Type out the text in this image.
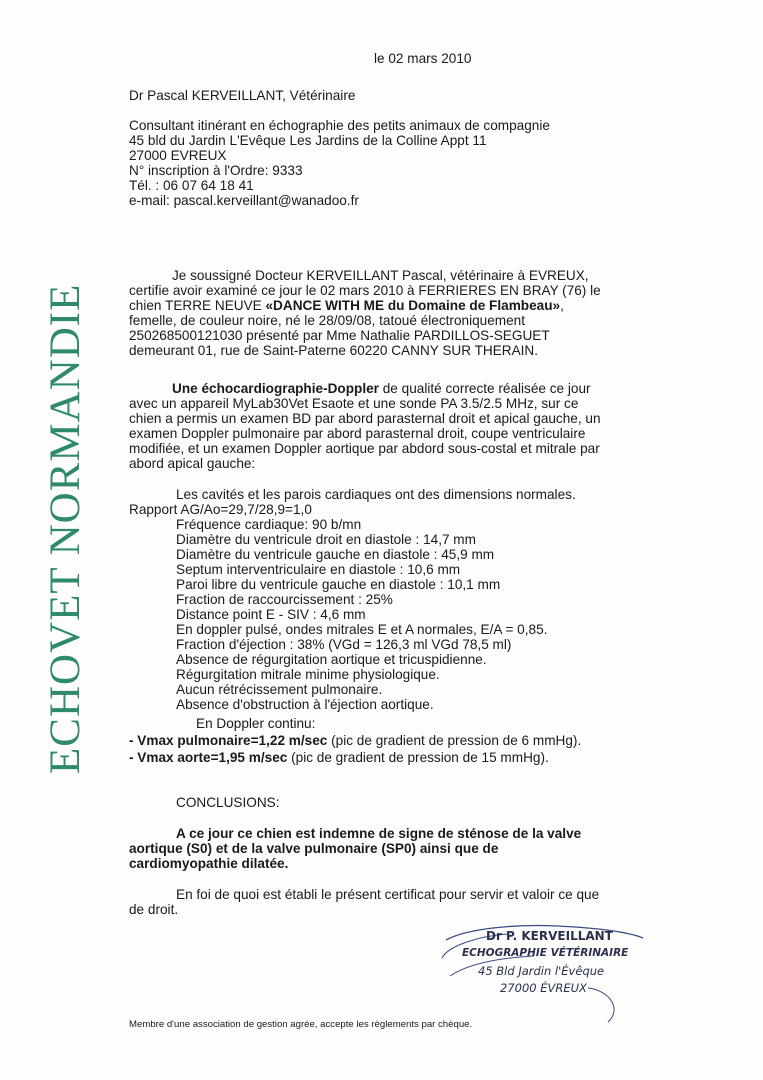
ECHOVET NORMANDIE
le 02 mars 2010
Dr Pascal KERVEILLANT, Vétérinaire
Consultant itinérant en échographie des petits animaux de compagnie
45 bld du Jardin L'Evêque Les Jardins de la Colline Appt 11
27000 EVREUX
N° inscription à l'Ordre: 9333
Tél. : 06 07 64 18 41
e-mail: pascal.kerveillant@wanadoo.fr
Je soussigné Docteur KERVEILLANT Pascal, vétérinaire à EVREUX,
certifie avoir examiné ce jour le 02 mars 2010 à FERRIERES EN BRAY (76) le
chien TERRE NEUVE «DANCE WITH ME du Domaine de Flambeau»,
femelle, de couleur noire, né le 28/09/08, tatoué électroniquement
250268500121030 présenté par Mme Nathalie PARDILLOS-SEGUET
demeurant 01, rue de Saint-Paterne 60220 CANNY SUR THERAIN.
Une échocardiographie-Doppler de qualité correcte réalisée ce jour
avec un appareil MyLab30Vet Esaote et une sonde PA 3.5/2.5 MHz, sur ce
chien a permis un examen BD par abord parasternal droit et apical gauche, un
examen Doppler pulmonaire par abord parasternal droit, coupe ventriculaire
modifiée, et un examen Doppler aortique par abdord sous-costal et mitrale par
abord apical gauche:
Les cavités et les parois cardiaques ont des dimensions normales.
Rapport AG/Ao=29,7/28,9=1,0
Fréquence cardiaque: 90 b/mn
Diamètre du ventricule droit en diastole : 14,7 mm
Diamètre du ventricule gauche en diastole : 45,9 mm
Septum interventriculaire en diastole : 10,6 mm
Paroi libre du ventricule gauche en diastole : 10,1 mm
Fraction de raccourcissement : 25%
Distance point E - SIV : 4,6 mm
En doppler pulsé, ondes mitrales E et A normales, E/A = 0,85.
Fraction d'éjection : 38% (VGd = 126,3 ml VGd 78,5 ml)
Absence de régurgitation aortique et tricuspidienne.
Régurgitation mitrale minime physiologique.
Aucun rétrécissement pulmonaire.
Absence d'obstruction à l'éjection aortique.
En Doppler continu:
- Vmax pulmonaire=1,22 m/sec (pic de gradient de pression de 6 mmHg).
- Vmax aorte=1,95 m/sec (pic de gradient de pression de 15 mmHg).
CONCLUSIONS:
A ce jour ce chien est indemne de signe de sténose de la valve
aortique (S0) et de la valve pulmonaire (SP0) ainsi que de
cardiomyopathie dilatée.
En foi de quoi est établi le présent certificat pour servir et valoir ce que
de droit.
Dr P. KERVEILLANT
ECHOGRAPHIE VÉTÉRINAIRE
45 Bld Jardin l'Évêque
27000 ÉVREUX
Membre d'une association de gestion agrée, accepte les règlements par chèque.
